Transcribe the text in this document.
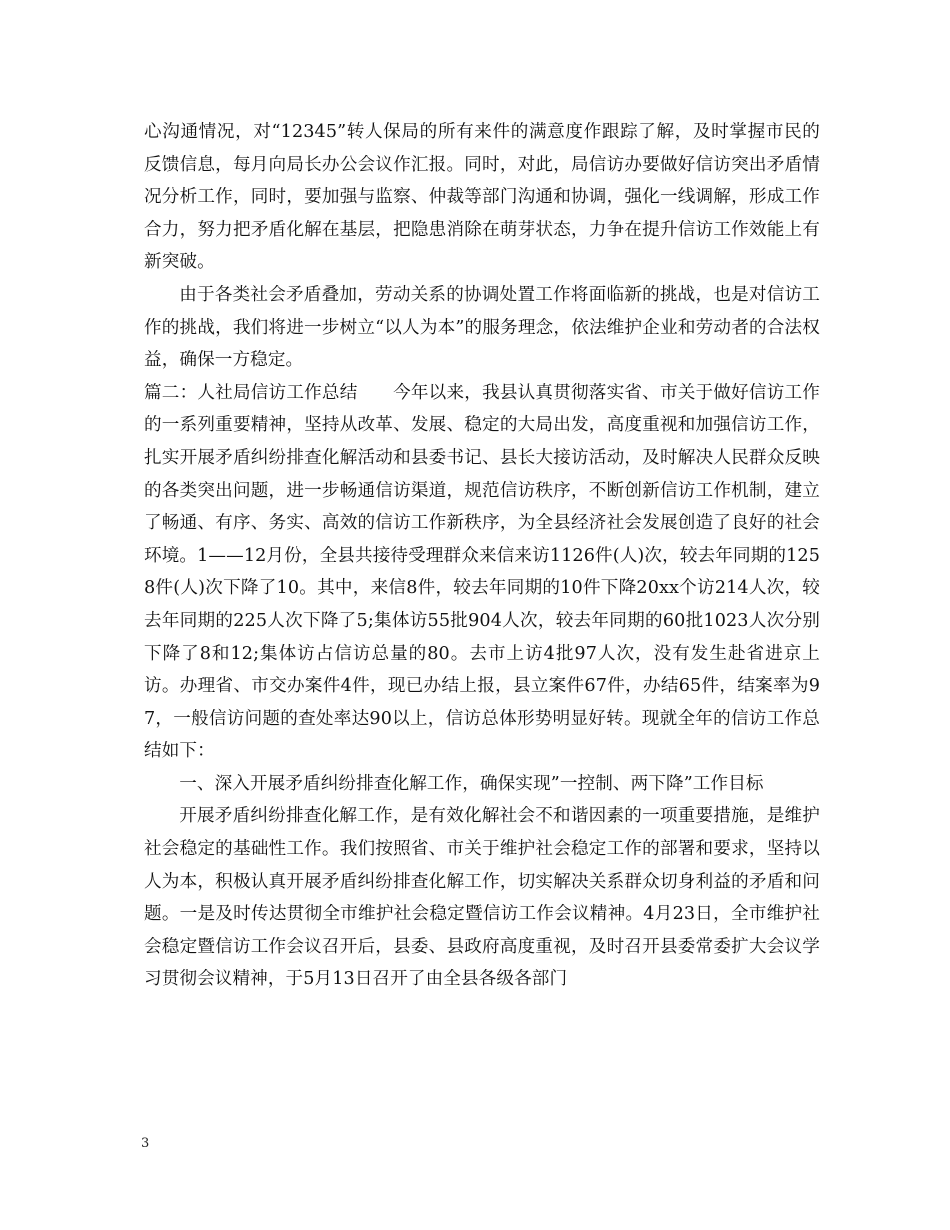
心沟通情况，对“12345”转人保局的所有来件的满意度作跟踪了解，及时掌握市民的反馈信息，每月向局长办公会议作汇报。同时，对此，局信访办要做好信访突出矛盾情况分析工作，同时，要加强与监察、仲裁等部门沟通和协调，强化一线调解，形成工作合力，努力把矛盾化解在基层，把隐患消除在萌芽状态，力争在提升信访工作效能上有新突破。

由于各类社会矛盾叠加，劳动关系的协调处置工作将面临新的挑战，也是对信访工作的挑战，我们将进一步树立“以人为本”的服务理念，依法维护企业和劳动者的合法权益，确保一方稳定。

篇二：人社局信访工作总结　　今年以来，我县认真贯彻落实省、市关于做好信访工作的一系列重要精神，坚持从改革、发展、稳定的大局出发，高度重视和加强信访工作，扎实开展矛盾纠纷排查化解活动和县委书记、县长大接访活动，及时解决人民群众反映的各类突出问题，进一步畅通信访渠道，规范信访秩序，不断创新信访工作机制，建立了畅通、有序、务实、高效的信访工作新秩序，为全县经济社会发展创造了良好的社会环境。1——12月份，全县共接待受理群众来信来访1126件(人)次，较去年同期的1258件(人)次下降了10。其中，来信8件，较去年同期的10件下降20xx个访214人次，较去年同期的225人次下降了5;集体访55批904人次，较去年同期的60批1023人次分别下降了8和12;集体访占信访总量的80。去市上访4批97人次，没有发生赴省进京上访。办理省、市交办案件4件，现已办结上报，县立案件67件，办结65件，结案率为97，一般信访问题的查处率达90以上，信访总体形势明显好转。现就全年的信访工作总结如下：

一、深入开展矛盾纠纷排查化解工作，确保实现”一控制、两下降”工作目标

开展矛盾纠纷排查化解工作，是有效化解社会不和谐因素的一项重要措施，是维护社会稳定的基础性工作。我们按照省、市关于维护社会稳定工作的部署和要求，坚持以人为本，积极认真开展矛盾纠纷排查化解工作，切实解决关系群众切身利益的矛盾和问题。一是及时传达贯彻全市维护社会稳定暨信访工作会议精神。4月23日，全市维护社会稳定暨信访工作会议召开后，县委、县政府高度重视，及时召开县委常委扩大会议学习贯彻会议精神，于5月13日召开了由全县各级各部门

3
